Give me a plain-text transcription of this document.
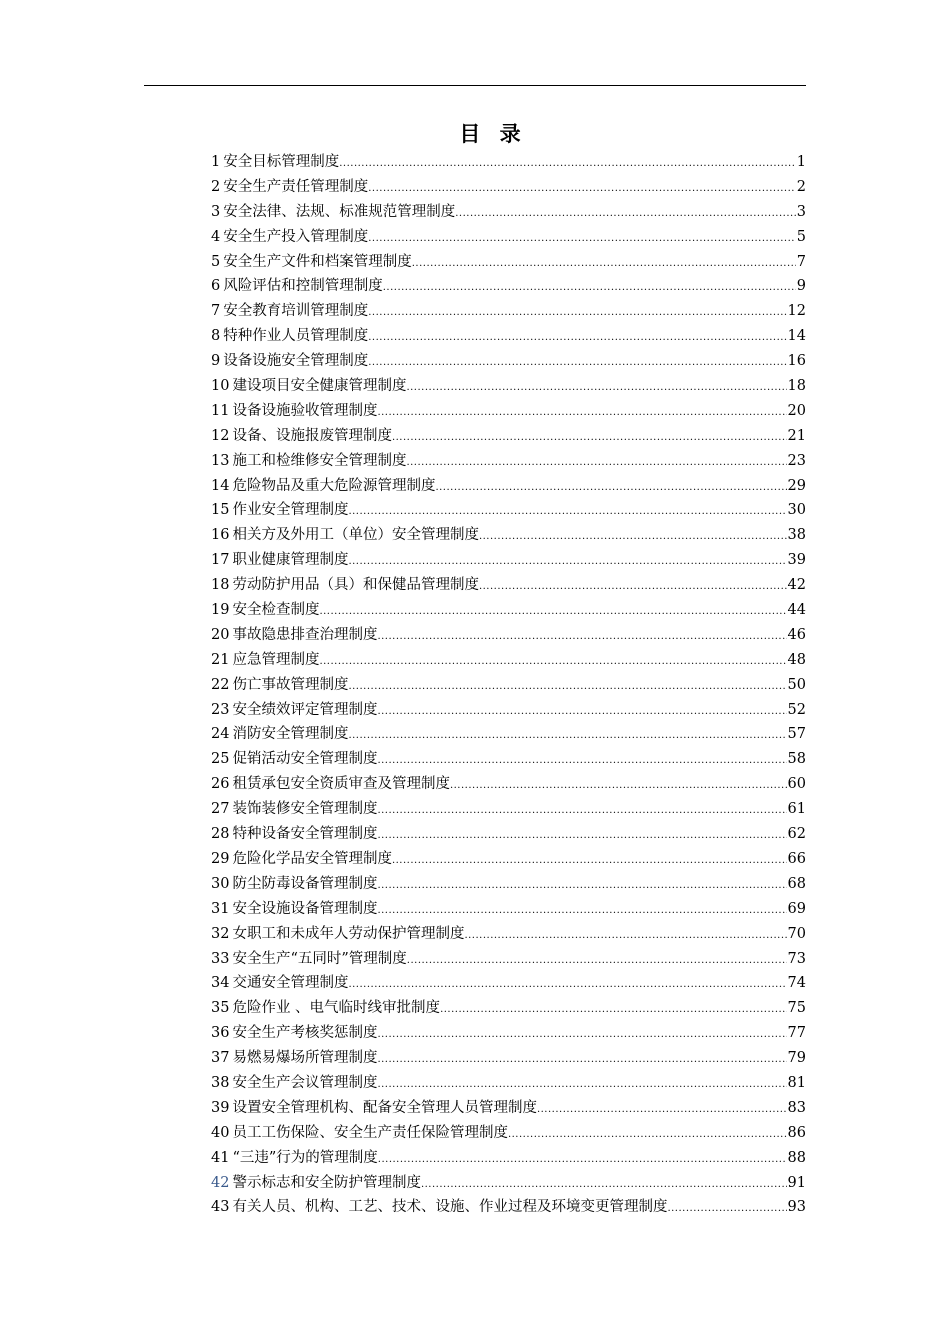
目 录
1 安全目标管理制度 .....	1
2 安全生产责任管理制度 .....	2
3 安全法律、法规、标准规范管理制度 .....	3
4 安全生产投入管理制度 .....	5
5 安全生产文件和档案管理制度 .....	7
6 风险评估和控制管理制度 .....	9
7 安全教育培训管理制度 .....	12
8 特种作业人员管理制度 .....	14
9 设备设施安全管理制度 .....	16
10 建设项目安全健康管理制度 .....	18
11 设备设施验收管理制度 .....	20
12 设备、设施报废管理制度 .....	21
13 施工和检维修安全管理制度 .....	23
14 危险物品及重大危险源管理制度 .....	29
15 作业安全管理制度 .....	30
16 相关方及外用工（单位）安全管理制度 .....	38
17 职业健康管理制度 .....	39
18 劳动防护用品（具）和保健品管理制度 .....	42
19 安全检查制度 .....	44
20 事故隐患排查治理制度 .....	46
21 应急管理制度 .....	48
22 伤亡事故管理制度 .....	50
23 安全绩效评定管理制度 .....	52
24 消防安全管理制度 .....	57
25 促销活动安全管理制度 .....	58
26 租赁承包安全资质审查及管理制度 .....	60
27 装饰装修安全管理制度 .....	61
28 特种设备安全管理制度 .....	62
29 危险化学品安全管理制度 .....	66
30 防尘防毒设备管理制度 .....	68
31 安全设施设备管理制度 .....	69
32 女职工和未成年人劳动保护管理制度 .....	70
33 安全生产“五同时”管理制度 .....	73
34 交通安全管理制度 .....	74
35 危险作业 、电气临时线审批制度 .....	75
36 安全生产考核奖惩制度 .....	77
37 易燃易爆场所管理制度 .....	79
38 安全生产会议管理制度 .....	81
39 设置安全管理机构、配备安全管理人员管理制度 .....	83
40 员工工伤保险、安全生产责任保险管理制度 .....	86
41 “三违”行为的管理制度 .....	88
42 警示标志和安全防护管理制度 .....	91
43 有关人员、机构、工艺、技术、设施、作业过程及环境变更管理制度 .....	93
